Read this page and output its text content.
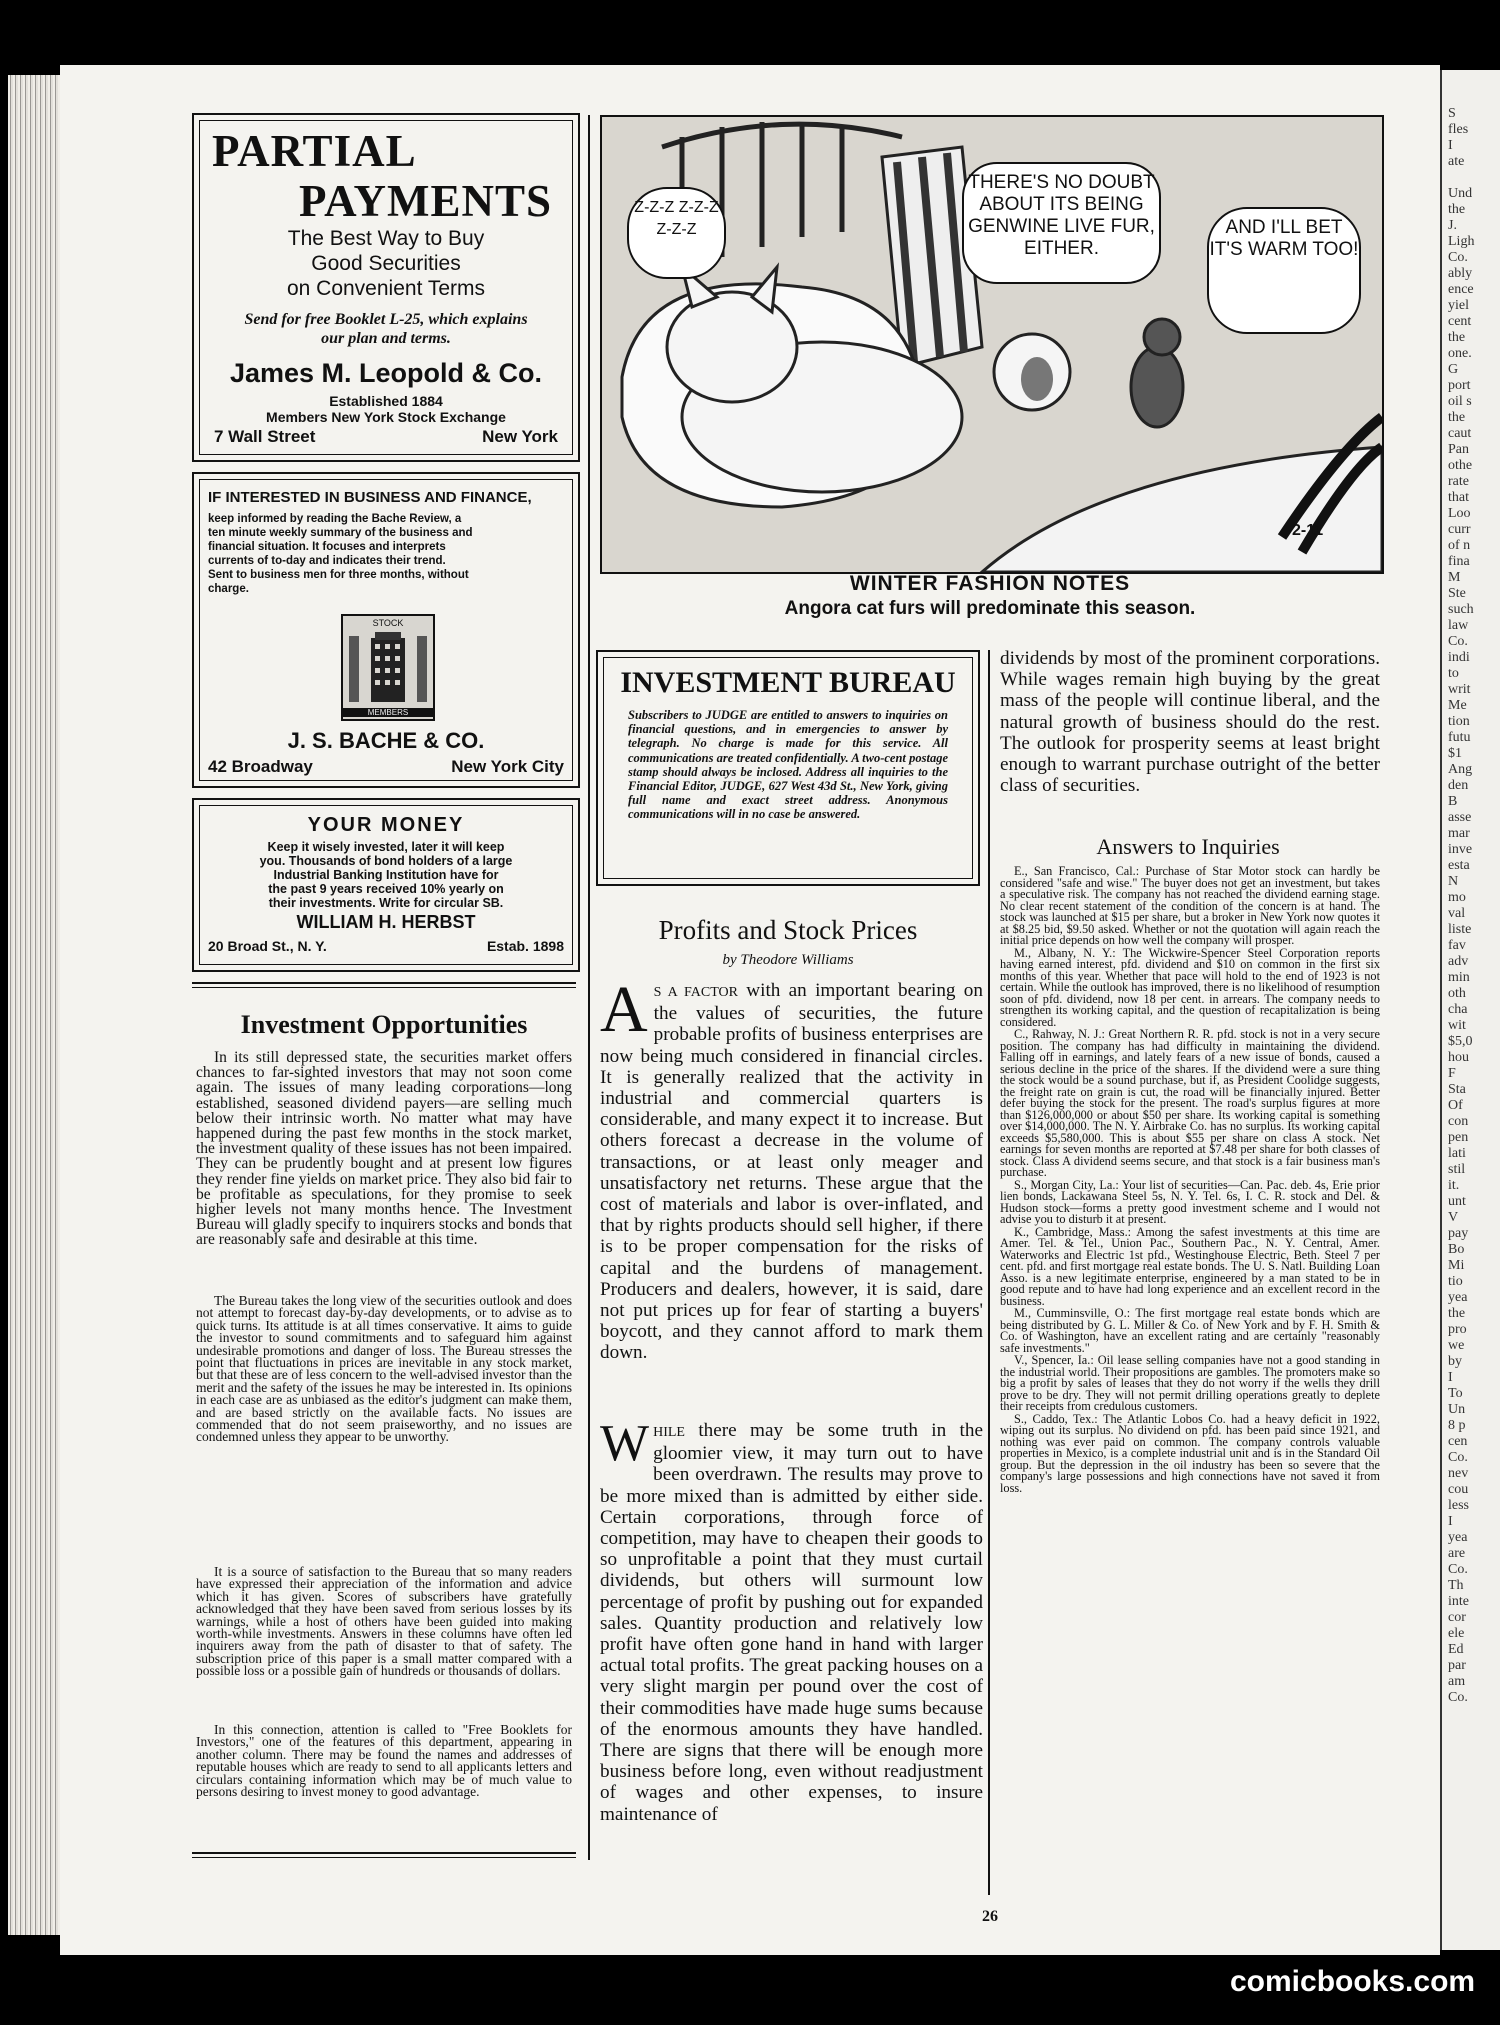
S
fles
I
ate

Und
the
J.
Ligh
Co.
ably
ence
yiel
cent
the
one.
G
port
oil s
the
caut
Pan
othe
rate
that
Loo
curr
of n
fina
M
Ste
such
law
Co.
indi
to
writ
Me
tion
futu
$1
Ang
den
B
asse
mar
inve
esta
N
mo
val
liste
fav
adv
min
oth
cha
wit
$5,0
hou
F
Sta
Of
con
pen
lati
stil
it.
unt
V
pay
Bo
Mi
tio
yea
the
pro
we
by
I
To
Un
8 p
cen
Co.
nev
cou
less
I
yea
are
Co.
Th
inte
cor
ele
Ed
par
am
Co.
PARTIAL
PAYMENTS
The Best Way to Buy
Good Securities
on Convenient Terms
Send for free Booklet L-25, which explains
our plan and terms.
James M. Leopold & Co.
Established 1884
Members New York Stock Exchange
7 Wall Street	New York
IF INTERESTED IN BUSINESS AND FINANCE,
keep informed by reading the Bache Review, a
ten minute weekly summary of the business and
financial situation. It focuses and interprets
currents of to-day and indicates their trend.
Sent to business men for three months, without
charge.
STOCK
MEMBERS
J. S. BACHE & CO.
42 Broadway	New York City
YOUR MONEY
Keep it wisely invested, later it will keep
you. Thousands of bond holders of a large
Industrial Banking Institution have for
the past 9 years received 10% yearly on
their investments. Write for circular SB.
WILLIAM H. HERBST
20 Broad St., N. Y.	Estab. 1898
Investment Opportunities
In its still depressed state, the securities market offers chances to far-sighted investors that may not soon come again. The issues of many leading corporations—long established, seasoned dividend payers—are selling much below their intrinsic worth. No matter what may have happened during the past few months in the stock market, the investment quality of these issues has not been impaired. They can be prudently bought and at present low figures they render fine yields on market price. They also bid fair to be profitable as speculations, for they promise to seek higher levels not many months hence. The Investment Bureau will gladly specify to inquirers stocks and bonds that are reasonably safe and desirable at this time.
The Bureau takes the long view of the securities outlook and does not attempt to forecast day-by-day developments, or to advise as to quick turns. Its attitude is at all times conservative. It aims to guide the investor to sound commitments and to safeguard him against undesirable promotions and danger of loss. The Bureau stresses the point that fluctuations in prices are inevitable in any stock market, but that these are of less concern to the well-advised investor than the merit and the safety of the issues he may be interested in. Its opinions in each case are as unbiased as the editor's judgment can make them, and are based strictly on the available facts. No issues are commended that do not seem praiseworthy, and no issues are condemned unless they appear to be unworthy.
It is a source of satisfaction to the Bureau that so many readers have expressed their appreciation of the information and advice which it has given. Scores of subscribers have gratefully acknowledged that they have been saved from serious losses by its warnings, while a host of others have been guided into making worth-while investments. Answers in these columns have often led inquirers away from the path of disaster to that of safety. The subscription price of this paper is a small matter compared with a possible loss or a possible gain of hundreds or thousands of dollars.
In this connection, attention is called to "Free Booklets for Investors," one of the features of this department, appearing in another column. There may be found the names and addresses of reputable houses which are ready to send to all applicants letters and circulars containing information which may be of much value to persons desiring to invest money to good advantage.
Z-Z-Z Z-Z-Z Z-Z-Z
THERE'S NO DOUBT ABOUT ITS BEING GENWINE LIVE FUR, EITHER.
AND I'LL BET IT'S WARM TOO!
2-11
WINTER FASHION NOTES
Angora cat furs will predominate this season.
INVESTMENT BUREAU
Subscribers to JUDGE are entitled to answers to inquiries on financial questions, and in emergencies to answer by telegraph. No charge is made for this service. All communications are treated confidentially. A two-cent postage stamp should always be inclosed. Address all inquiries to the Financial Editor, JUDGE, 627 West 43d St., New York, giving full name and exact street address. Anonymous communications will in no case be answered.
Profits and Stock Prices
by Theodore Williams
A S A FACTOR with an important bearing on the values of securities, the future probable profits of business enterprises are now being much considered in financial circles. It is generally realized that the activity in industrial and commercial quarters is considerable, and many expect it to increase. But others forecast a decrease in the volume of transactions, or at least only meager and unsatisfactory net returns. These argue that the cost of materials and labor is over-inflated, and that by rights products should sell higher, if there is to be proper compensation for the risks of capital and the burdens of management. Producers and dealers, however, it is said, dare not put prices up for fear of starting a buyers' boycott, and they cannot afford to mark them down.
WHILE there may be some truth in the gloomier view, it may turn out to have been overdrawn. The results may prove to be more mixed than is admitted by either side. Certain corporations, through force of competition, may have to cheapen their goods to so unprofitable a point that they must curtail dividends, but others will surmount low percentage of profit by pushing out for expanded sales. Quantity production and relatively low profit have often gone hand in hand with larger actual total profits. The great packing houses on a very slight margin per pound over the cost of their commodities have made huge sums because of the enormous amounts they have handled. There are signs that there will be enough more business before long, even without readjustment of wages and other expenses, to insure maintenance of
dividends by most of the prominent corporations. While wages remain high buying by the great mass of the people will continue liberal, and the natural growth of business should do the rest. The outlook for prosperity seems at least bright enough to warrant purchase outright of the better class of securities.
Answers to Inquiries
E., San Francisco, Cal.: Purchase of Star Motor stock can hardly be considered "safe and wise." The buyer does not get an investment, but takes a speculative risk. The company has not reached the dividend earning stage. No clear recent statement of the condition of the concern is at hand. The stock was launched at $15 per share, but a broker in New York now quotes it at $8.25 bid, $9.50 asked. Whether or not the quotation will again reach the initial price depends on how well the company will prosper.
M., Albany, N. Y.: The Wickwire-Spencer Steel Corporation reports having earned interest, pfd. dividend and $10 on common in the first six months of this year. Whether that pace will hold to the end of 1923 is not certain. While the outlook has improved, there is no likelihood of resumption soon of pfd. dividend, now 18 per cent. in arrears. The company needs to strengthen its working capital, and the question of recapitalization is being considered.
C., Rahway, N. J.: Great Northern R. R. pfd. stock is not in a very secure position. The company has had difficulty in maintaining the dividend. Falling off in earnings, and lately fears of a new issue of bonds, caused a serious decline in the price of the shares. If the dividend were a sure thing the stock would be a sound purchase, but if, as President Coolidge suggests, the freight rate on grain is cut, the road will be financially injured. Better defer buying the stock for the present. The road's surplus figures at more than $126,000,000 or about $50 per share. Its working capital is something over $14,000,000. The N. Y. Airbrake Co. has no surplus. Its working capital exceeds $5,580,000. This is about $55 per share on class A stock. Net earnings for seven months are reported at $7.48 per share for both classes of stock. Class A dividend seems secure, and that stock is a fair business man's purchase.
S., Morgan City, La.: Your list of securities—Can. Pac. deb. 4s, Erie prior lien bonds, Lackawana Steel 5s, N. Y. Tel. 6s, I. C. R. stock and Del. & Hudson stock—forms a pretty good investment scheme and I would not advise you to disturb it at present.
K., Cambridge, Mass.: Among the safest investments at this time are Amer. Tel. & Tel., Union Pac., Southern Pac., N. Y. Central, Amer. Waterworks and Electric 1st pfd., Westinghouse Electric, Beth. Steel 7 per cent. pfd. and first mortgage real estate bonds. The U. S. Natl. Building Loan Asso. is a new legitimate enterprise, engineered by a man stated to be in good repute and to have had long experience and an excellent record in the business.
M., Cumminsville, O.: The first mortgage real estate bonds which are being distributed by G. L. Miller & Co. of New York and by F. H. Smith & Co. of Washington, have an excellent rating and are certainly "reasonably safe investments."
V., Spencer, Ia.: Oil lease selling companies have not a good standing in the industrial world. Their propositions are gambles. The promoters make so big a profit by sales of leases that they do not worry if the wells they drill prove to be dry. They will not permit drilling operations greatly to deplete their receipts from credulous customers.
S., Caddo, Tex.: The Atlantic Lobos Co. had a heavy deficit in 1922, wiping out its surplus. No dividend on pfd. has been paid since 1921, and nothing was ever paid on common. The company controls valuable properties in Mexico, is a complete industrial unit and is in the Standard Oil group. But the depression in the oil industry has been so severe that the company's large possessions and high connections have not saved it from loss.
26
comicbooks.com
